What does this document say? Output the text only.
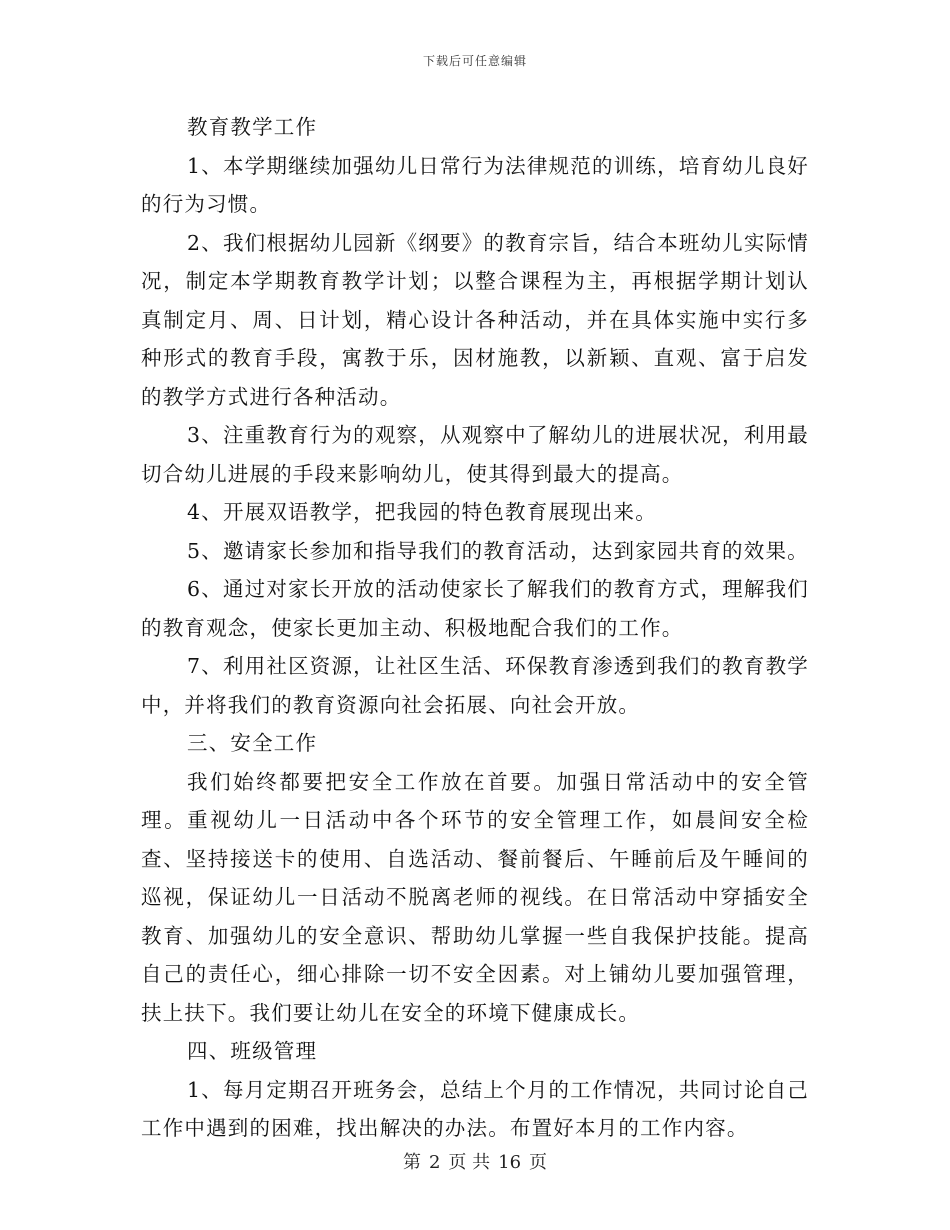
下载后可任意编辑

教育教学工作

1、本学期继续加强幼儿日常行为法律规范的训练，培育幼儿良好的行为习惯。

2、我们根据幼儿园新《纲要》的教育宗旨，结合本班幼儿实际情况，制定本学期教育教学计划；以整合课程为主，再根据学期计划认真制定月、周、日计划，精心设计各种活动，并在具体实施中实行多种形式的教育手段，寓教于乐，因材施教，以新颖、直观、富于启发的教学方式进行各种活动。

3、注重教育行为的观察，从观察中了解幼儿的进展状况，利用最切合幼儿进展的手段来影响幼儿，使其得到最大的提高。

4、开展双语教学，把我园的特色教育展现出来。

5、邀请家长参加和指导我们的教育活动，达到家园共育的效果。

6、通过对家长开放的活动使家长了解我们的教育方式，理解我们的教育观念，使家长更加主动、积极地配合我们的工作。

7、利用社区资源，让社区生活、环保教育渗透到我们的教育教学中，并将我们的教育资源向社会拓展、向社会开放。

三、安全工作

我们始终都要把安全工作放在首要。加强日常活动中的安全管理。重视幼儿一日活动中各个环节的安全管理工作，如晨间安全检查、坚持接送卡的使用、自选活动、餐前餐后、午睡前后及午睡间的巡视，保证幼儿一日活动不脱离老师的视线。在日常活动中穿插安全教育、加强幼儿的安全意识、帮助幼儿掌握一些自我保护技能。提高自己的责任心，细心排除一切不安全因素。对上铺幼儿要加强管理，扶上扶下。我们要让幼儿在安全的环境下健康成长。

四、班级管理

1、每月定期召开班务会，总结上个月的工作情况，共同讨论自己工作中遇到的困难，找出解决的办法。布置好本月的工作内容。

第 2 页 共 16 页
